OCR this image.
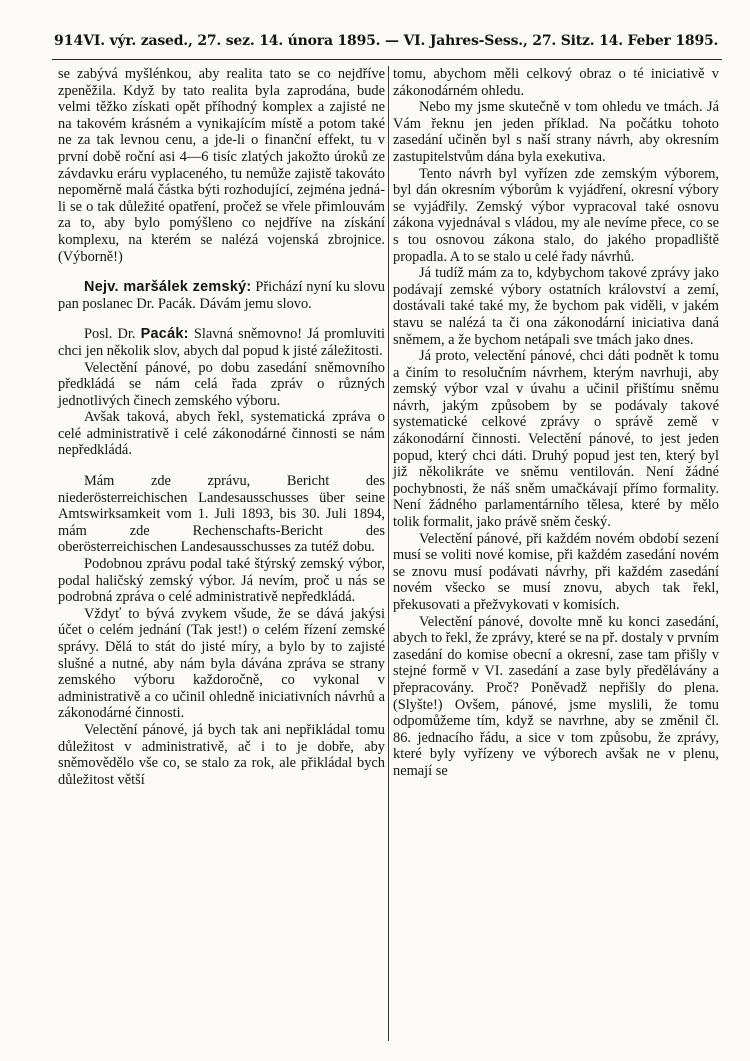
914 VI. výr. zased., 27. sez. 14. února 1895. — VI. Jahres-Sess., 27. Sitz. 14. Feber 1895.

se zabývá myšlénkou, aby realita tato se co nejdříve zpeněžila. Když by tato realita byla zaprodána, bude velmi těžko získati opět příhodný komplex a zajisté ne na takovém krásném a vynikajícím místě a potom také ne za tak levnou cenu, a jde-li o finanční effekt, tu v první době roční asi 4—6 tisíc zlatých jakožto úroků ze závdavku eráru vyplaceného, tu nemůže zajistě takováto nepoměrně malá částka býti rozhodující, zejména jedná-li se o tak důležité opatření, pročež se vřele přimlouvám za to, aby bylo pomýšleno co nejdříve na získání komplexu, na kterém se nalézá vojenská zbrojnice. (Výborně!)

Nejv. maršálek zemský: Přichází nyní ku slovu pan poslanec Dr. Pacák. Dávám jemu slovo.

Posl. Dr. Pacák: Slavná sněmovno! Já promluviti chci jen několik slov, abych dal popud k jisté záležitosti.

Velectění pánové, po dobu zasedání sněmovního předkládá se nám celá řada zpráv o různých jednotlivých činech zemského výboru.

Avšak taková, abych řekl, systematická zpráva o celé administrativě i celé zákonodárné činnosti se nám nepředkládá.

Mám zde zprávu, Bericht des niederösterreichischen Landesausschusses über seine Amtswirksamkeit vom 1. Juli 1893, bis 30. Juli 1894, mám zde Rechenschafts-Bericht des oberösterreichischen Landesausschusses za tutéž dobu.

Podobnou zprávu podal také štýrský zemský výbor, podal haličský zemský výbor. Já nevím, proč u nás se podrobná zpráva o celé administrativě nepředkládá.

Vždyť to bývá zvykem všude, že se dává jakýsi účet o celém jednání (Tak jest!) o celém řízení zemské správy. Dělá to stát do jisté míry, a bylo by to zajisté slušné a nutné, aby nám byla dávána zpráva se strany zemského výboru každoročně, co vykonal v administrativě a co učinil ohledně iniciativních návrhů a zákonodárné činnosti.

Velectění pánové, já bych tak ani nepřikládal tomu důležitost v administrativě, ač i to je dobře, aby sněmovědělo vše co, se stalo za rok, ale přikládal bych důležitost větší

tomu, abychom měli celkový obraz o té iniciativě v zákonodárném ohledu.

Nebo my jsme skutečně v tom ohledu ve tmách. Já Vám řeknu jen jeden příklad. Na počátku tohoto zasedání učiněn byl s naší strany návrh, aby okresním zastupitelstvům dána byla exekutiva.

Tento návrh byl vyřízen zde zemským výborem, byl dán okresním výborům k vyjádření, okresní výbory se vyjádřily. Zemský výbor vypracoval také osnovu zákona vyjednával s vládou, my ale nevíme přece, co se s tou osnovou zákona stalo, do jakého propadliště propadla. A to se stalo u celé řady návrhů.

Já tudíž mám za to, kdybychom takové zprávy jako podávají zemské výbory ostatních království a zemí, dostávali také také my, že bychom pak viděli, v jakém stavu se nalézá ta či ona zákonodární iniciativa daná sněmem, a že bychom netápali sve tmách jako dnes.

Já proto, velectění pánové, chci dáti podnět k tomu a činím to resolučním návrhem, kterým navrhuji, aby zemský výbor vzal v úvahu a učinil přištímu sněmu návrh, jakým způsobem by se podávaly takové systematické celkové zprávy o správě země v zákonodární činnosti. Velectění pánové, to jest jeden popud, který chci dáti. Druhý popud jest ten, který byl již několikráte ve sněmu ventilován. Není žádné pochybnosti, že náš sněm umačkávají přímo formality. Není žádného parlamentárního tělesa, které by mělo tolik formalit, jako právě sněm český.

Velectění pánové, při každém novém období sezení musí se voliti nové komise, při každém zasedání novém se znovu musí podávati návrhy, při každém zasedání novém všecko se musí znovu, abych tak řekl, překusovati a přežvykovati v komisích.

Velectění pánové, dovolte mně ku konci zasedání, abych to řekl, že zprávy, které se na př. dostaly v prvním zasedání do komise obecní a okresní, zase tam přišly v stejné formě v VI. zasedání a zase byly předělávány a přepracovány. Proč? Poněvadž nepřišly do plena. (Slyšte!) Ovšem, pánové, jsme myslili, že tomu odpomůžeme tím, když se navrhne, aby se změnil čl. 86. jednacího řádu, a sice v tom způsobu, že zprávy, které byly vyřízeny ve výborech avšak ne v plenu, nemají se
